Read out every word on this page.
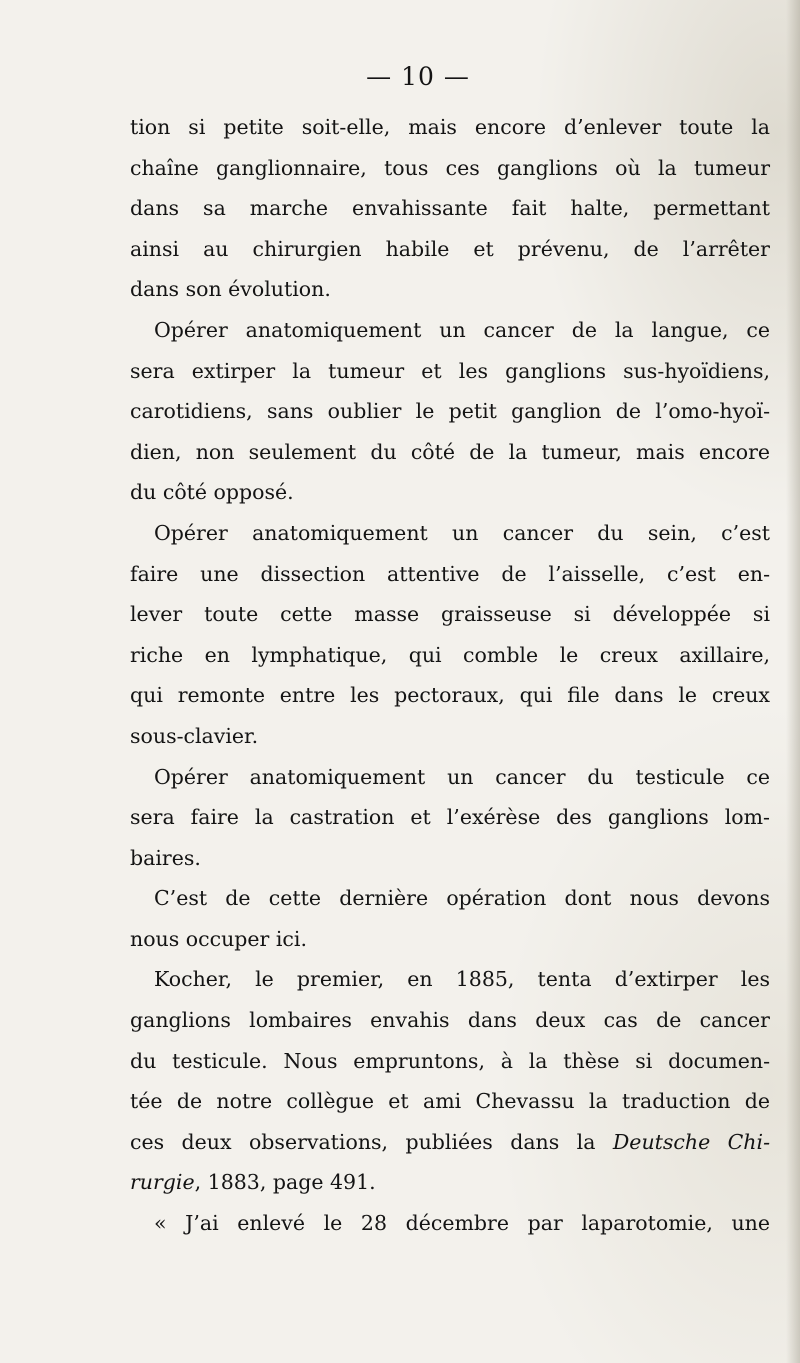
— 10 —
tion si petite soit-elle, mais encore d’enlever toute la
chaîne ganglionnaire, tous ces ganglions où la tumeur
dans sa marche envahissante fait halte, permettant
ainsi au chirurgien habile et prévenu, de l’arrêter
dans son évolution.
Opérer anatomiquement un cancer de la langue, ce
sera extirper la tumeur et les ganglions sus-hyoïdiens,
carotidiens, sans oublier le petit ganglion de l’omo-hyoï-
dien, non seulement du côté de la tumeur, mais encore
du côté opposé.
Opérer anatomiquement un cancer du sein, c’est
faire une dissection attentive de l’aisselle, c’est en-
lever toute cette masse graisseuse si développée si
riche en lymphatique, qui comble le creux axillaire,
qui remonte entre les pectoraux, qui file dans le creux
sous-clavier.
Opérer anatomiquement un cancer du testicule ce
sera faire la castration et l’exérèse des ganglions lom-
baires.
C’est de cette dernière opération dont nous devons
nous occuper ici.
Kocher, le premier, en 1885, tenta d’extirper les
ganglions lombaires envahis dans deux cas de cancer
du testicule. Nous empruntons, à la thèse si documen-
tée de notre collègue et ami Chevassu la traduction de
ces deux observations, publiées dans la Deutsche Chi-
rurgie, 1883, page 491.
« J’ai enlevé le 28 décembre par laparotomie, une
